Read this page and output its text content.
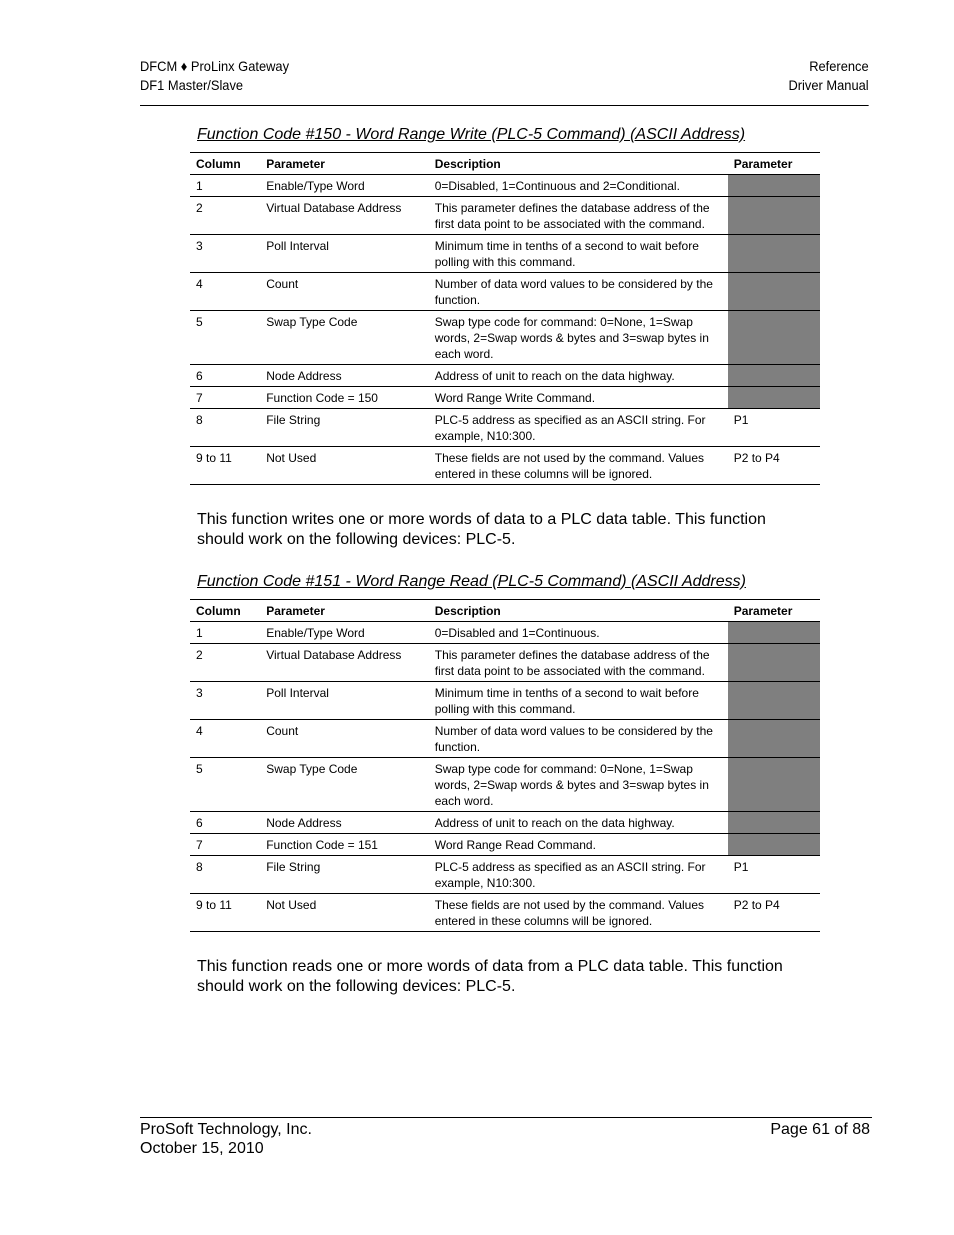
DFCM ♦ ProLinx Gateway
DF1 Master/Slave
Reference
Driver Manual
Function Code #150 - Word Range Write (PLC-5 Command) (ASCII Address)
Column	Parameter	Description	Parameter
1	Enable/Type Word	0=Disabled, 1=Continuous and 2=Conditional.	
2	Virtual Database Address	This parameter defines the database address of the first data point to be associated with the command.	
3	Poll Interval	Minimum time in tenths of a second to wait before polling with this command.	
4	Count	Number of data word values to be considered by the function.	
5	Swap Type Code	Swap type code for command: 0=None, 1=Swap words, 2=Swap words & bytes and 3=swap bytes in each word.	
6	Node Address	Address of unit to reach on the data highway.	
7	Function Code = 150	Word Range Write Command.	
8	File String	PLC-5 address as specified as an ASCII string. For example, N10:300.	P1
9 to 11	Not Used	These fields are not used by the command. Values entered in these columns will be ignored.	P2 to P4
This function writes one or more words of data to a PLC data table. This function should work on the following devices: PLC-5.
Function Code #151 - Word Range Read (PLC-5 Command) (ASCII Address)
Column	Parameter	Description	Parameter
1	Enable/Type Word	0=Disabled and 1=Continuous.	
2	Virtual Database Address	This parameter defines the database address of the first data point to be associated with the command.	
3	Poll Interval	Minimum time in tenths of a second to wait before polling with this command.	
4	Count	Number of data word values to be considered by the function.	
5	Swap Type Code	Swap type code for command: 0=None, 1=Swap words, 2=Swap words & bytes and 3=swap bytes in each word.	
6	Node Address	Address of unit to reach on the data highway.	
7	Function Code = 151	Word Range Read Command.	
8	File String	PLC-5 address as specified as an ASCII string. For example, N10:300.	P1
9 to 11	Not Used	These fields are not used by the command. Values entered in these columns will be ignored.	P2 to P4
This function reads one or more words of data from a PLC data table. This function should work on the following devices: PLC-5.
ProSoft Technology, Inc.
October 15, 2010
Page 61 of 88
